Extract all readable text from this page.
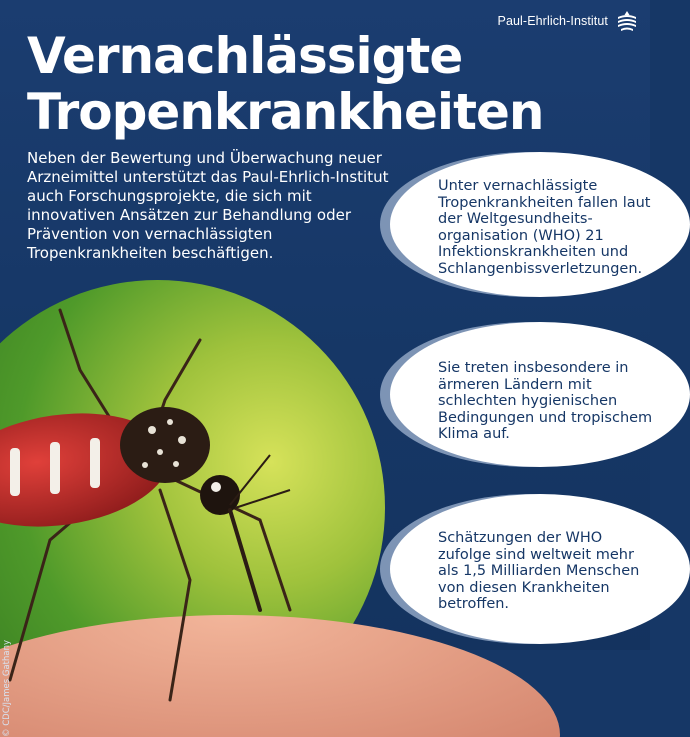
Paul-Ehrlich-Institut
Vernachlässigte
Tropenkrankheiten

Neben der Bewertung und Überwachung neuer Arzneimittel unterstützt das Paul-Ehrlich-Institut auch Forschungsprojekte, die sich mit innovativen Ansätzen zur Behandlung oder Prävention von vernachlässigten Tropenkrankheiten beschäftigen.

© CDC/James Gathany

Unter vernachlässigte Tropenkrankheiten fallen laut der Weltgesundheits-organisation (WHO) 21 Infektionskrankheiten und Schlangenbissverletzungen.

Sie treten insbesondere in ärmeren Ländern mit schlechten hygienischen Bedingungen und tropischem Klima auf.

Schätzungen der WHO zufolge sind weltweit mehr als 1,5 Milliarden Menschen von diesen Krankheiten betroffen.
